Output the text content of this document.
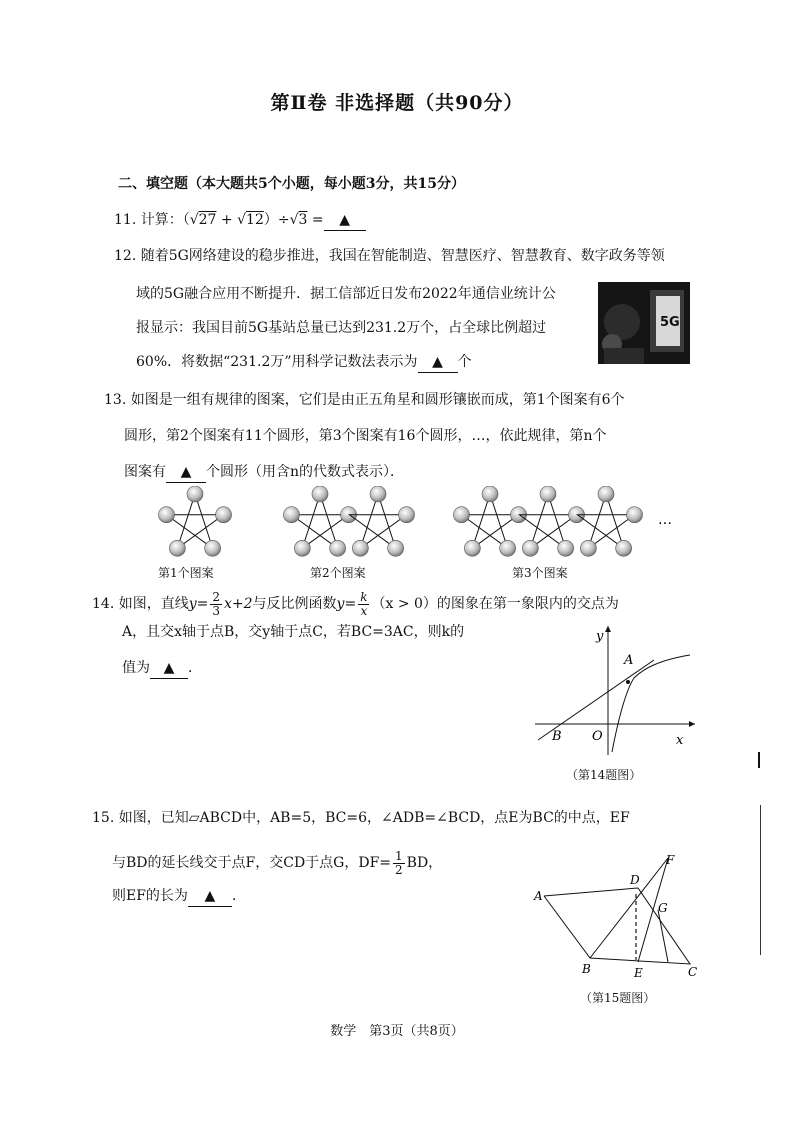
第Ⅱ卷 非选择题（共90分）
二、填空题（本大题共5个小题，每小题3分，共15分）
11. 计算：（√27 + √12）÷√3 = ▲
12. 随着5G网络建设的稳步推进，我国在智能制造、智慧医疗、智慧教育、数字政务等领
域的5G融合应用不断提升．据工信部近日发布2022年通信业统计公
报显示：我国目前5G基站总量已达到231.2万个，占全球比例超过
60%．将数据“231.2万”用科学记数法表示为 ▲ 个
5G
13. 如图是一组有规律的图案，它们是由正五角星和圆形镶嵌而成，第1个图案有6个
圆形，第2个图案有11个圆形，第3个图案有16个圆形，…，依此规律，第n个
图案有 ▲ 个圆形（用含n的代数式表示）．
…
第1个图案	第2个图案	第3个图案
14. 如图，直线$y= \frac{2}{3} x+2$与反比例函数$y= \frac{k}{x} (x > 0)$的图象在第一象限内的交点为
A，且交x轴于点B，交y轴于点C，若BC=3AC，则k的
值为 ▲ ．	A
y
x
B O
（第14题图）
15. 如图，已知▱ABCD中，AB=5，BC=6，∠ADB=∠BCD，点E为BC的中点，EF
与BD的延长线交于点F，交CD于点G，$DF= \frac{1}{2}$ BD，
则EF的长为 ▲ ．	A
B	C
D
E
F
G
（第15题图）
数学　第3页（共8页）
